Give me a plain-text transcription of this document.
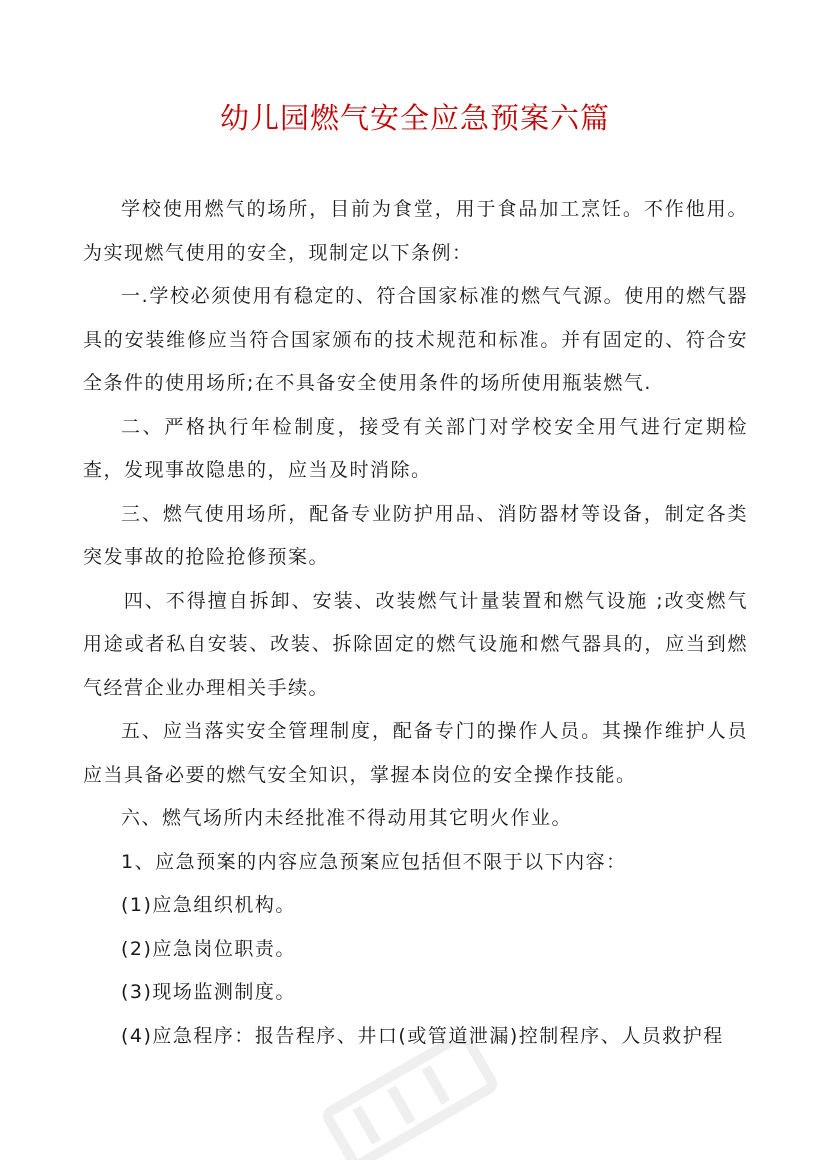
幼儿园燃气安全应急预案六篇

学校使用燃气的场所，目前为食堂，用于食品加工烹饪。不作他用。为实现燃气使用的安全，现制定以下条例：

一.学校必须使用有稳定的、符合国家标准的燃气气源。使用的燃气器具的安装维修应当符合国家颁布的技术规范和标准。并有固定的、符合安全条件的使用场所;在不具备安全使用条件的场所使用瓶装燃气.

二、严格执行年检制度，接受有关部门对学校安全用气进行定期检查，发现事故隐患的，应当及时消除。

三、燃气使用场所，配备专业防护用品、消防器材等设备，制定各类突发事故的抢险抢修预案。

四、不得擅自拆卸、安装、改装燃气计量装置和燃气设施 ;改变燃气用途或者私自安装、改装、拆除固定的燃气设施和燃气器具的，应当到燃气经营企业办理相关手续。

五、应当落实安全管理制度，配备专门的操作人员。其操作维护人员应当具备必要的燃气安全知识，掌握本岗位的安全操作技能。

六、燃气场所内未经批准不得动用其它明火作业。

1、应急预案的内容应急预案应包括但不限于以下内容：

(1)应急组织机构。

(2)应急岗位职责。

(3)现场监测制度。

(4)应急程序：报告程序、井口(或管道泄漏)控制程序、人员救护程
